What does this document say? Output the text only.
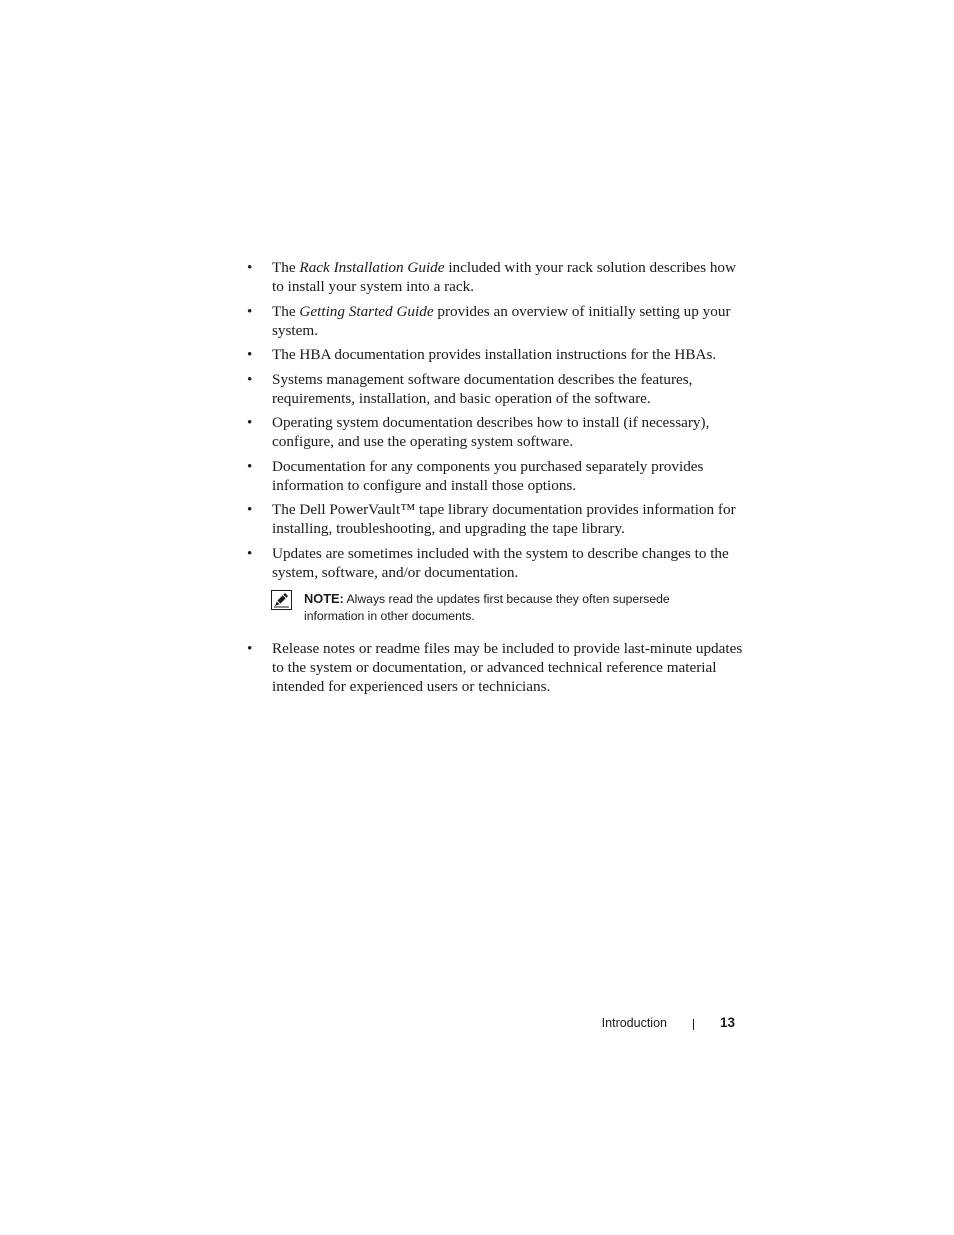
•	The Rack Installation Guide included with your rack solution describes how to install your system into a rack.
•	The Getting Started Guide provides an overview of initially setting up your system.
•	The HBA documentation provides installation instructions for the HBAs.
•	Systems management software documentation describes the features, requirements, installation, and basic operation of the software.
•	Operating system documentation describes how to install (if necessary), configure, and use the operating system software.
•	Documentation for any components you purchased separately provides information to configure and install those options.
•	The Dell PowerVault™ tape library documentation provides information for installing, troubleshooting, and upgrading the tape library.
•	Updates are sometimes included with the system to describe changes to the system, software, and/or documentation.
NOTE: Always read the updates first because they often supersede information in other documents.
•	Release notes or readme files may be included to provide last-minute updates to the system or documentation, or advanced technical reference material intended for experienced users or technicians.
Introduction	13
